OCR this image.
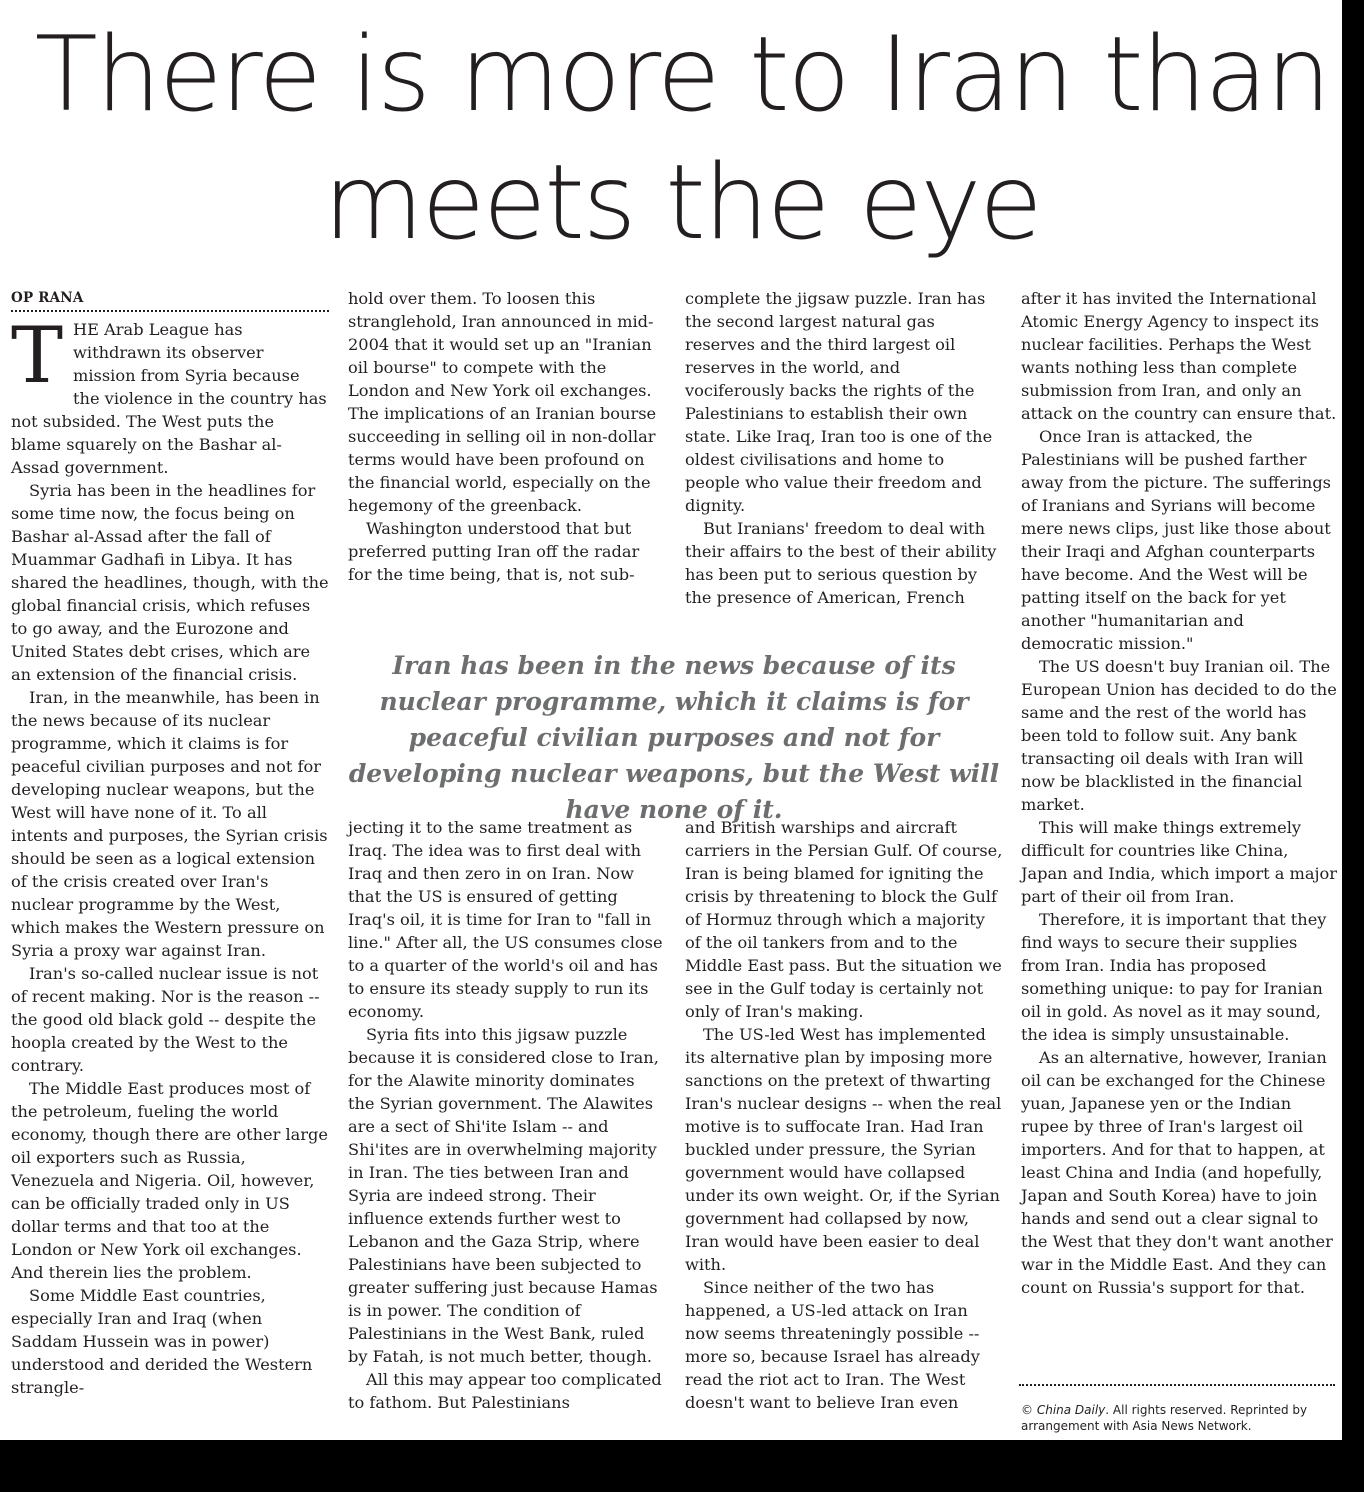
There is more to Iran than
meets the eye
OP RANA

THE Arab League has withdrawn its observer mission from Syria because the violence in the country has not subsided. The West puts the blame squarely on the Bashar al-Assad government.

Syria has been in the headlines for some time now, the focus being on Bashar al-Assad after the fall of Muammar Gadhafi in Libya. It has shared the headlines, though, with the global financial crisis, which refuses to go away, and the Eurozone and United States debt crises, which are an extension of the financial crisis.

Iran, in the meanwhile, has been in the news because of its nuclear programme, which it claims is for peaceful civilian purposes and not for developing nuclear weapons, but the West will have none of it. To all intents and purposes, the Syrian crisis should be seen as a logical extension of the crisis created over Iran's nuclear programme by the West, which makes the Western pressure on Syria a proxy war against Iran.

Iran's so-called nuclear issue is not of recent making. Nor is the reason -- the good old black gold -- despite the hoopla created by the West to the contrary.

The Middle East produces most of the petroleum, fueling the world economy, though there are other large oil exporters such as Russia, Venezuela and Nigeria. Oil, however, can be officially traded only in US dollar terms and that too at the London or New York oil exchanges. And therein lies the problem.

Some Middle East countries, especially Iran and Iraq (when Saddam Hussein was in power) understood and derided the Western strangle-

hold over them. To loosen this stranglehold, Iran announced in mid-2004 that it would set up an "Iranian oil bourse" to compete with the London and New York oil exchanges. The implications of an Iranian bourse succeeding in selling oil in non-dollar terms would have been profound on the financial world, especially on the hegemony of the greenback.

Washington understood that but preferred putting Iran off the radar for the time being, that is, not sub-

complete the jigsaw puzzle. Iran has the second largest natural gas reserves and the third largest oil reserves in the world, and vociferously backs the rights of the Palestinians to establish their own state. Like Iraq, Iran too is one of the oldest civilisations and home to people who value their freedom and dignity.

But Iranians' freedom to deal with their affairs to the best of their ability has been put to serious question by the presence of American, French

Iran has been in the news because of its nuclear programme, which it claims is for peaceful civilian purposes and not for developing nuclear weapons, but the West will have none of it.

jecting it to the same treatment as Iraq. The idea was to first deal with Iraq and then zero in on Iran. Now that the US is ensured of getting Iraq's oil, it is time for Iran to "fall in line." After all, the US consumes close to a quarter of the world's oil and has to ensure its steady supply to run its economy.

Syria fits into this jigsaw puzzle because it is considered close to Iran, for the Alawite minority dominates the Syrian government. The Alawites are a sect of Shi'ite Islam -- and Shi'ites are in overwhelming majority in Iran. The ties between Iran and Syria are indeed strong. Their influence extends further west to Lebanon and the Gaza Strip, where Palestinians have been subjected to greater suffering just because Hamas is in power. The condition of Palestinians in the West Bank, ruled by Fatah, is not much better, though.

All this may appear too complicated to fathom. But Palestinians

and British warships and aircraft carriers in the Persian Gulf. Of course, Iran is being blamed for igniting the crisis by threatening to block the Gulf of Hormuz through which a majority of the oil tankers from and to the Middle East pass. But the situation we see in the Gulf today is certainly not only of Iran's making.

The US-led West has implemented its alternative plan by imposing more sanctions on the pretext of thwarting Iran's nuclear designs -- when the real motive is to suffocate Iran. Had Iran buckled under pressure, the Syrian government would have collapsed under its own weight. Or, if the Syrian government had collapsed by now, Iran would have been easier to deal with.

Since neither of the two has happened, a US-led attack on Iran now seems threateningly possible -- more so, because Israel has already read the riot act to Iran. The West doesn't want to believe Iran even

after it has invited the International Atomic Energy Agency to inspect its nuclear facilities. Perhaps the West wants nothing less than complete submission from Iran, and only an attack on the country can ensure that.

Once Iran is attacked, the Palestinians will be pushed farther away from the picture. The sufferings of Iranians and Syrians will become mere news clips, just like those about their Iraqi and Afghan counterparts have become. And the West will be patting itself on the back for yet another "humanitarian and democratic mission."

The US doesn't buy Iranian oil. The European Union has decided to do the same and the rest of the world has been told to follow suit. Any bank transacting oil deals with Iran will now be blacklisted in the financial market.

This will make things extremely difficult for countries like China, Japan and India, which import a major part of their oil from Iran.

Therefore, it is important that they find ways to secure their supplies from Iran. India has proposed something unique: to pay for Iranian oil in gold. As novel as it may sound, the idea is simply unsustainable.

As an alternative, however, Iranian oil can be exchanged for the Chinese yuan, Japanese yen or the Indian rupee by three of Iran's largest oil importers. And for that to happen, at least China and India (and hopefully, Japan and South Korea) have to join hands and send out a clear signal to the West that they don't want another war in the Middle East. And they can count on Russia's support for that.

© China Daily. All rights reserved. Reprinted by arrangement with Asia News Network.
